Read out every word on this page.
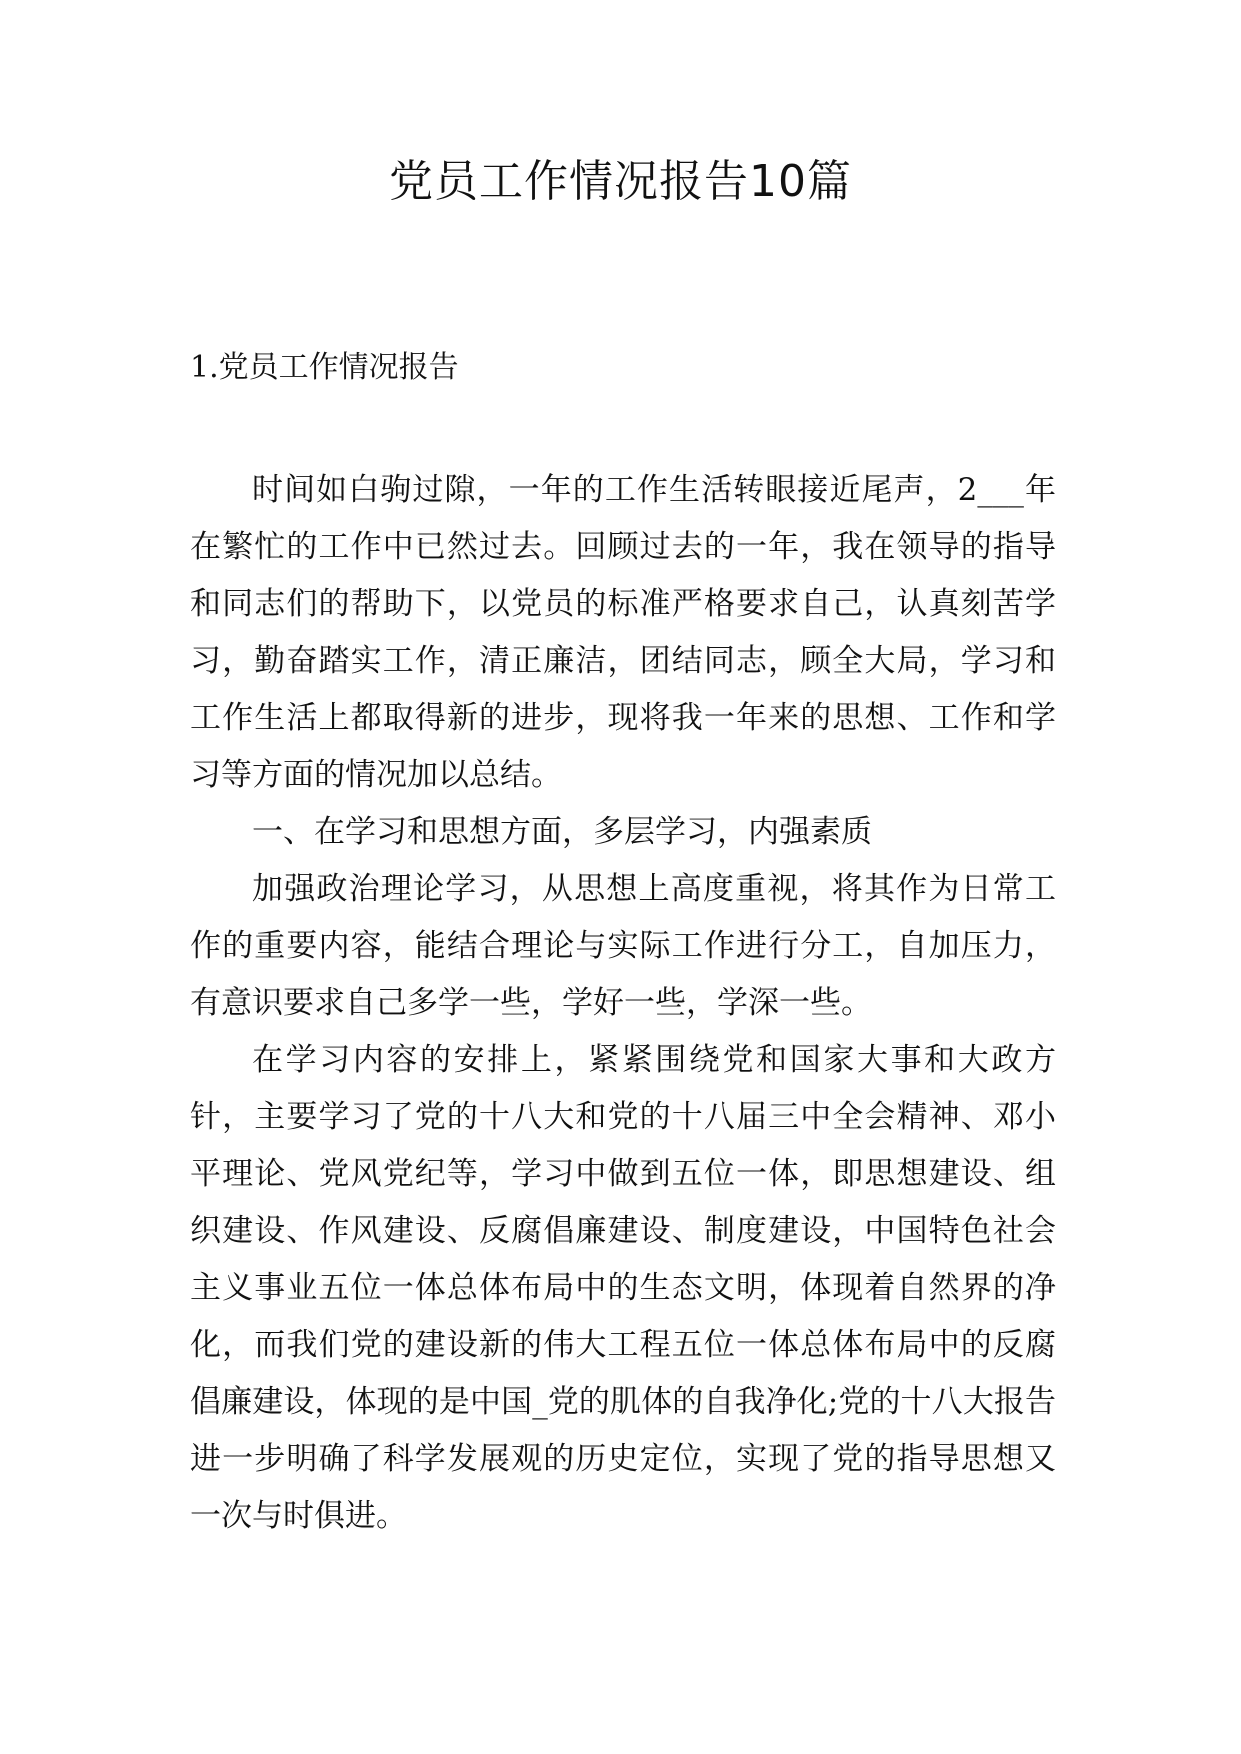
党员工作情况报告10篇
1.党员工作情况报告

时间如白驹过隙，一年的工作生活转眼接近尾声，2___年在繁忙的工作中已然过去。回顾过去的一年，我在领导的指导和同志们的帮助下，以党员的标准严格要求自己，认真刻苦学习，勤奋踏实工作，清正廉洁，团结同志，顾全大局，学习和工作生活上都取得新的进步，现将我一年来的思想、工作和学习等方面的情况加以总结。

一、在学习和思想方面，多层学习，内强素质

加强政治理论学习，从思想上高度重视，将其作为日常工作的重要内容，能结合理论与实际工作进行分工，自加压力，有意识要求自己多学一些，学好一些，学深一些。

在学习内容的安排上，紧紧围绕党和国家大事和大政方针，主要学习了党的十八大和党的十八届三中全会精神、邓小平理论、党风党纪等，学习中做到五位一体，即思想建设、组织建设、作风建设、反腐倡廉建设、制度建设，中国特色社会主义事业五位一体总体布局中的生态文明，体现着自然界的净化，而我们党的建设新的伟大工程五位一体总体布局中的反腐倡廉建设，体现的是中国_党的肌体的自我净化;党的十八大报告进一步明确了科学发展观的历史定位，实现了党的指导思想又一次与时俱进。
